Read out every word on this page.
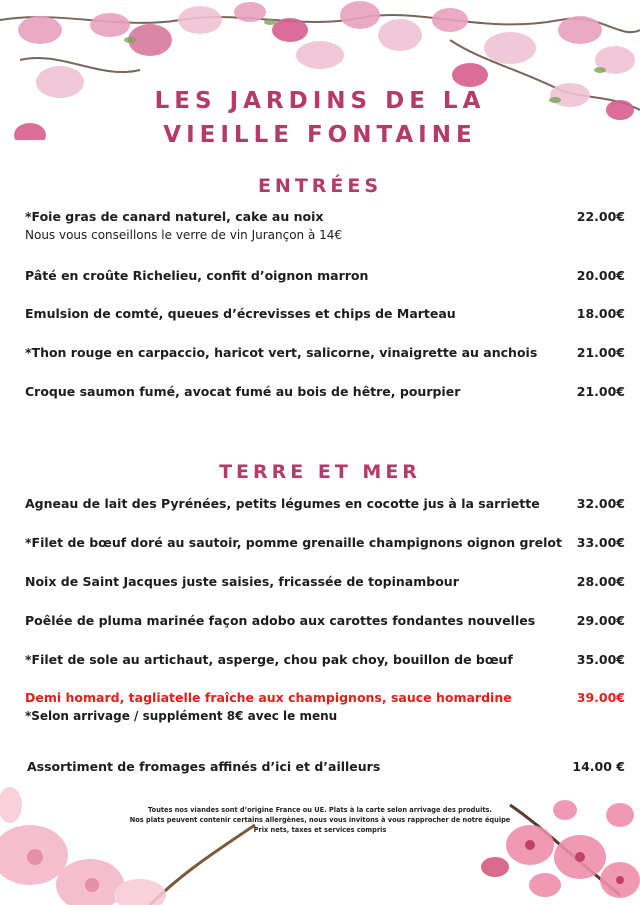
LES JARDINS DE LA
VIEILLE FONTAINE
ENTRÉES
*Foie gras de canard naturel, cake au noix	22.00€
Nous vous conseillons le verre de vin Jurançon à 14€
Pâté en croûte Richelieu, confit d’oignon marron	20.00€
Emulsion de comté, queues d’écrevisses et chips de Marteau	18.00€
*Thon rouge en carpaccio, haricot vert, salicorne, vinaigrette au anchois	21.00€
Croque saumon fumé, avocat fumé au bois de hêtre, pourpier	21.00€
TERRE ET MER
Agneau de lait des Pyrénées, petits légumes en cocotte jus à la sarriette	32.00€
*Filet de bœuf doré au sautoir, pomme grenaille champignons oignon grelot	33.00€
Noix de Saint Jacques juste saisies, fricassée de topinambour	28.00€
Poêlée de pluma marinée façon adobo aux carottes fondantes nouvelles	29.00€
*Filet de sole au artichaut, asperge, chou pak choy, bouillon de bœuf	35.00€
Demi homard, tagliatelle fraîche aux champignons, sauce homardine	39.00€
*Selon arrivage / supplément 8€ avec le menu
Assortiment de fromages affinés d’ici et d’ailleurs	14.00 €
Toutes nos viandes sont d’origine France ou UE. Plats à la carte selon arrivage des produits.
Nos plats peuvent contenir certains allergènes, nous vous invitons à vous rapprocher de notre équipe
Prix nets, taxes et services compris
